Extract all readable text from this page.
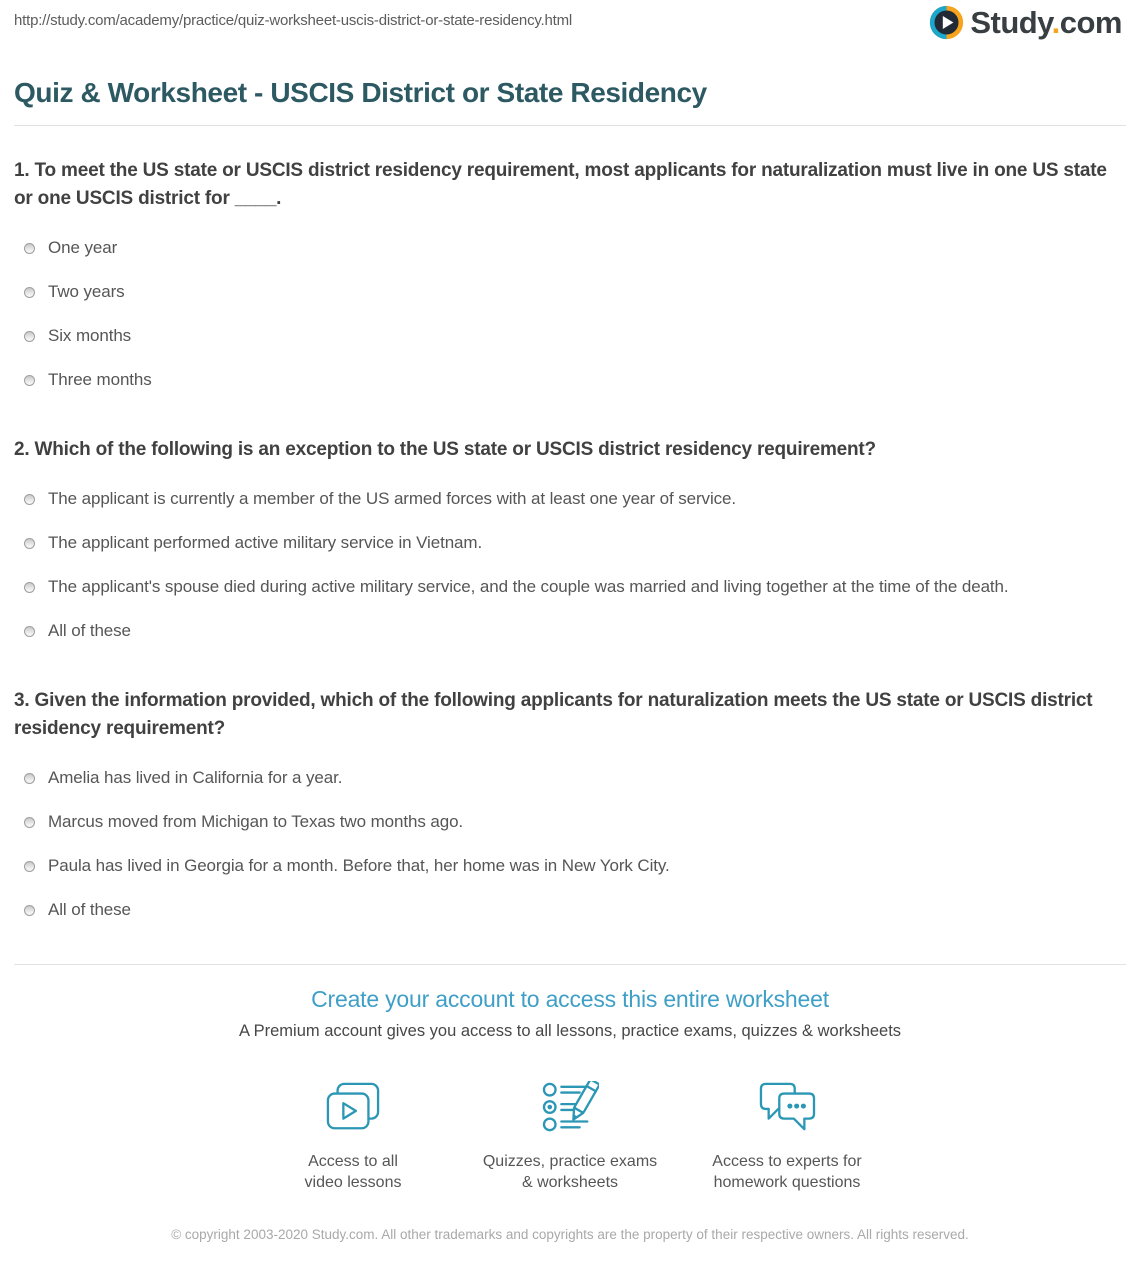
http://study.com/academy/practice/quiz-worksheet-uscis-district-or-state-residency.html	Study.com
Quiz & Worksheet - USCIS District or State Residency
1. To meet the US state or USCIS district residency requirement, most applicants for naturalization must live in one US state or one USCIS district for ____.
One year
Two years
Six months
Three months
2. Which of the following is an exception to the US state or USCIS district residency requirement?
The applicant is currently a member of the US armed forces with at least one year of service.
The applicant performed active military service in Vietnam.
The applicant's spouse died during active military service, and the couple was married and living together at the time of the death.
All of these
3. Given the information provided, which of the following applicants for naturalization meets the US state or USCIS district residency requirement?
Amelia has lived in California for a year.
Marcus moved from Michigan to Texas two months ago.
Paula has lived in Georgia for a month. Before that, her home was in New York City.
All of these
Create your account to access this entire worksheet

A Premium account gives you access to all lessons, practice exams, quizzes & worksheets

Access to all
video lessons
Quizzes, practice exams
& worksheets
Access to experts for
homework questions

© copyright 2003-2020 Study.com. All other trademarks and copyrights are the property of their respective owners. All rights reserved.
